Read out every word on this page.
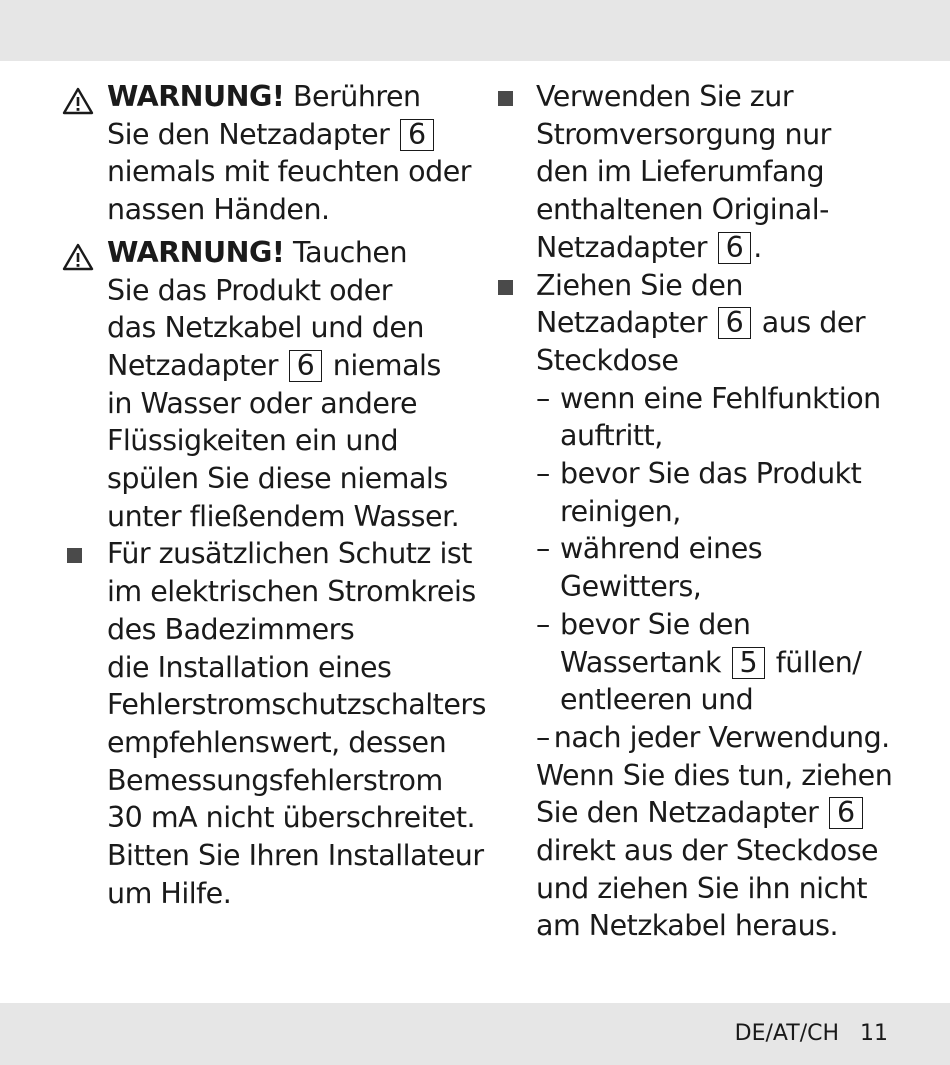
WARNUNG! Berühren
Sie den Netzadapter 6
niemals mit feuchten oder
nassen Händen.
WARNUNG! Tauchen
Sie das Produkt oder
das Netzkabel und den
Netzadapter 6 niemals
in Wasser oder andere
Flüssigkeiten ein und
spülen Sie diese niemals
unter fließendem Wasser.
Für zusätzlichen Schutz ist
im elektrischen Stromkreis
des Badezimmers
die Installation eines
Fehlerstromschutzschalters
empfehlenswert, dessen
Bemessungsfehlerstrom
30 mA nicht überschreitet.
Bitten Sie Ihren Installateur
um Hilfe.
Verwenden Sie zur
Stromversorgung nur
den im Lieferumfang
enthaltenen Original-
Netzadapter 6 .
Ziehen Sie den
Netzadapter 6 aus der
Steckdose
– wenn eine Fehlfunktion
auftritt,
– bevor Sie das Produkt
reinigen,
– während eines
Gewitters,
– bevor Sie den
Wassertank 5 füllen/
entleeren und
– nach jeder Verwendung.
Wenn Sie dies tun, ziehen
Sie den Netzadapter 6
direkt aus der Steckdose
und ziehen Sie ihn nicht
am Netzkabel heraus.
DE/AT/CH 11
